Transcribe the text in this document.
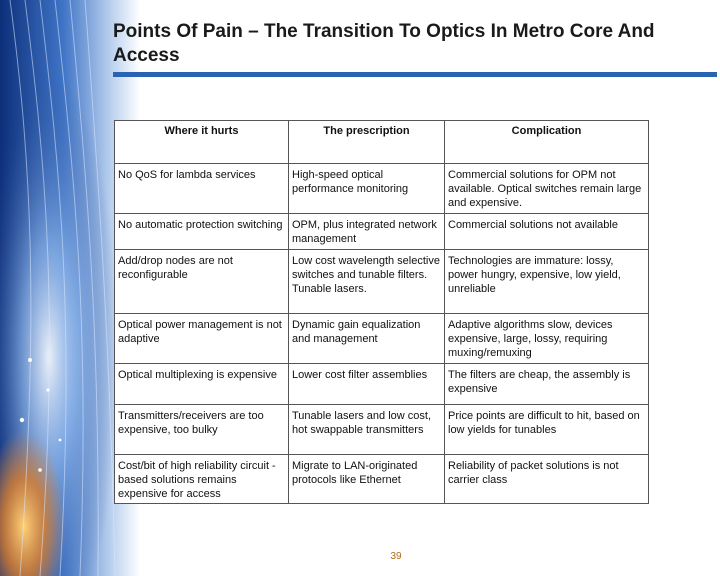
Points Of Pain – The Transition To Optics In Metro Core And Access
Where it hurts	The prescription	Complication
No QoS for lambda services	High-speed optical performance monitoring	Commercial solutions for OPM not available. Optical switches remain large and expensive.
No automatic protection switching	OPM, plus integrated network management	Commercial solutions not available
Add/drop nodes are not reconfigurable	Low cost wavelength selective switches and tunable filters. Tunable lasers.	Technologies are immature: lossy, power hungry, expensive, low yield, unreliable
Optical power management is not adaptive	Dynamic gain equalization and management	Adaptive algorithms slow, devices expensive, large, lossy, requiring muxing/remuxing
Optical multiplexing is expensive	Lower cost filter assemblies	The filters are cheap, the assembly is expensive
Transmitters/receivers are too expensive, too bulky	Tunable lasers and low cost, hot swappable transmitters	Price points are difficult to hit, based on low yields for tunables
Cost/bit of high reliability circuit -based solutions remains expensive for access	Migrate to LAN-originated protocols like Ethernet	Reliability of packet solutions is not carrier class
39
